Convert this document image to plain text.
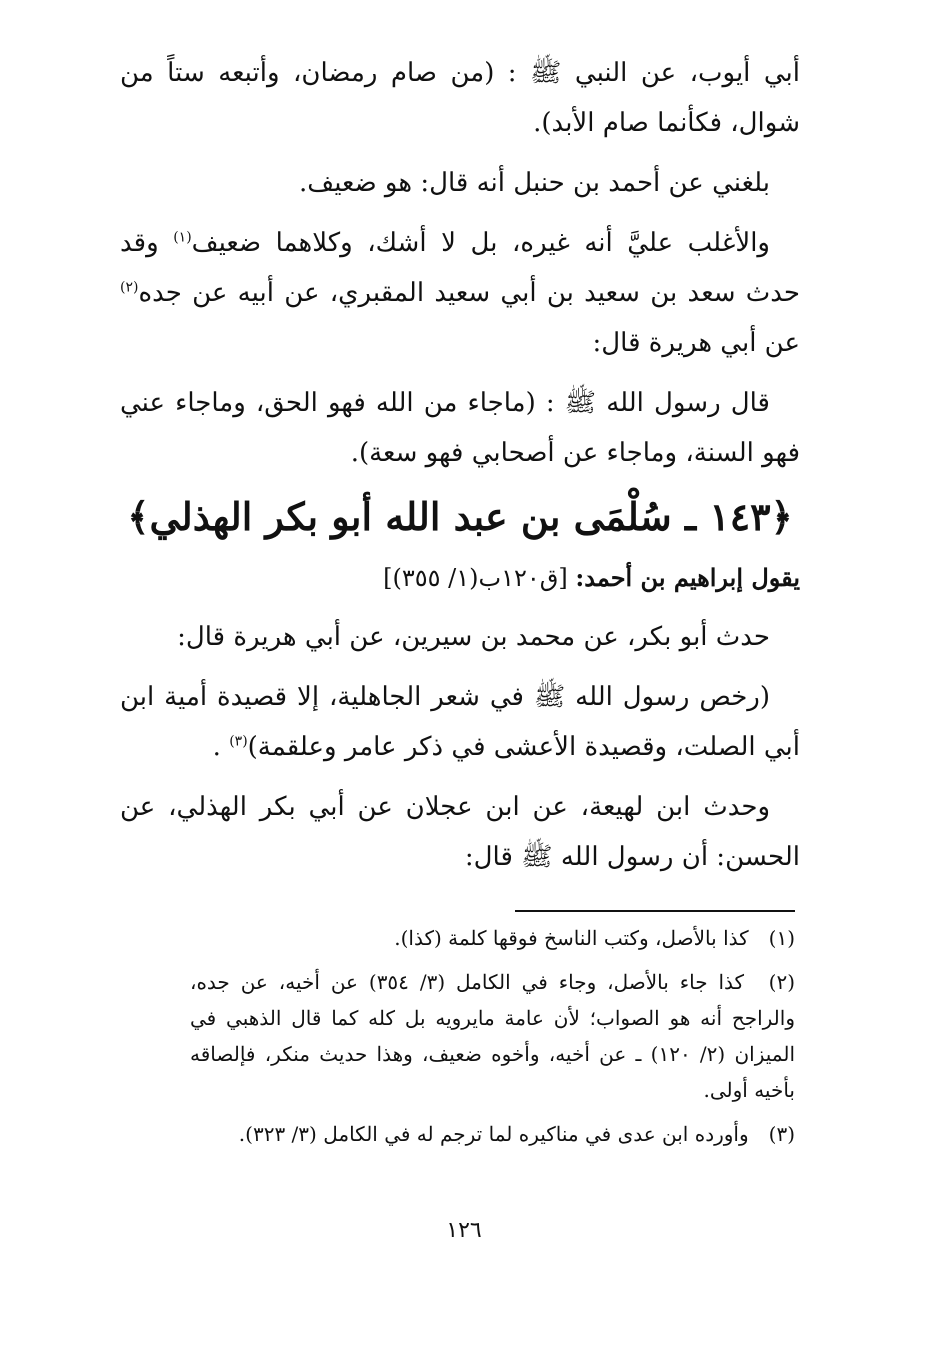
أبي أيوب، عن النبي ﷺ : (من صام رمضان، وأتبعه ستاً من شوال، فكأنما صام الأبد).

بلغني عن أحمد بن حنبل أنه قال: هو ضعيف.

والأغلب عليَّ أنه غيره، بل لا أشك، وكلاهما ضعيف$^{(١)}$ وقد حدث سعد بن سعيد بن أبي سعيد المقبري، عن أبيه عن جده$^{(٢)}$ عن أبي هريرة قال:

قال رسول الله ﷺ : (ماجاء من الله فهو الحق، وماجاء عني فهو السنة، وماجاء عن أصحابي فهو سعة).

﴿١٤٣ ـ سُلْمَى بن عبد الله أبو بكر الهذلي﴾
يقول إبراهيم بن أحمد: [ق١٢٠ب(١/ ٣٥٥)]

حدث أبو بكر، عن محمد بن سيرين، عن أبي هريرة قال:

(رخص رسول الله ﷺ في شعر الجاهلية، إلا قصيدة أمية ابن أبي الصلت، وقصيدة الأعشى في ذكر عامر وعلقمة)$^{(٣)}$ .

وحدث ابن لهيعة، عن ابن عجلان عن أبي بكر الهذلي، عن الحسن: أن رسول الله ﷺ قال:

(١) كذا بالأصل، وكتب الناسخ فوقها كلمة (كذا).
(٢) كذا جاء بالأصل، وجاء في الكامل (٣/ ٣٥٤) عن أخيه، عن جده، والراجح أنه هو الصواب؛ لأن عامة مايرويه بل كله كما قال الذهبي في الميزان (٢/ ١٢٠) ـ عن أخيه، وأخوه ضعيف، وهذا حديث منكر، فإلصاقه بأخيه أولى.
(٣) وأورده ابن عدى في مناكيره لما ترجم له في الكامل (٣/ ٣٢٣).
١٢٦
